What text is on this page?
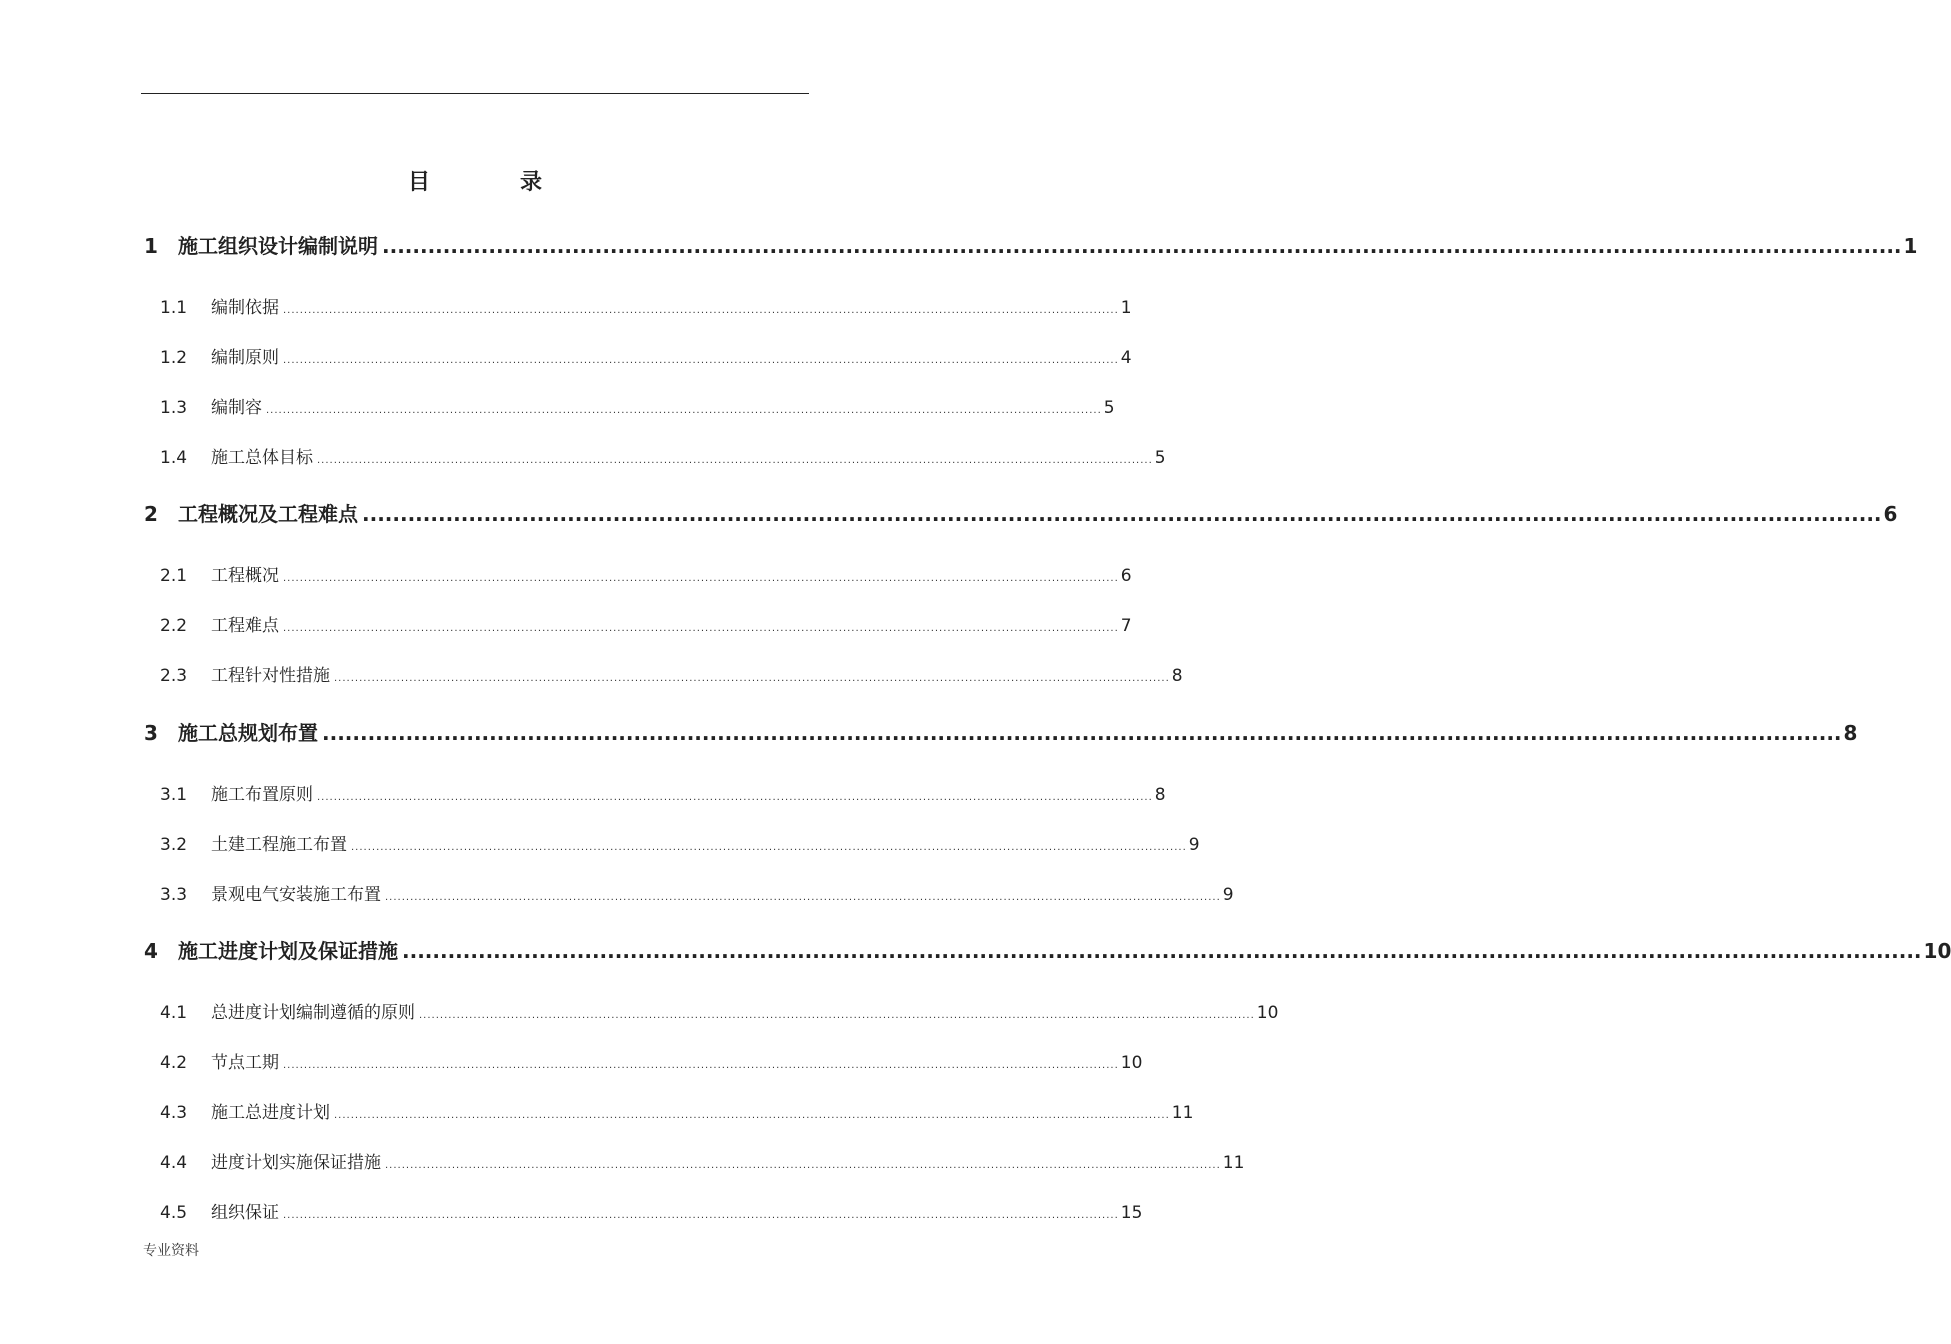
目　录
1	施工组织设计编制说明 ........................................................................................................................................................................................................ 1
1.1	编制依据 ........................................................................................................................................................................................................ 1
1.2	编制原则 ........................................................................................................................................................................................................ 4
1.3	编制容 ........................................................................................................................................................................................................ 5
1.4	施工总体目标 ........................................................................................................................................................................................................ 5
2	工程概况及工程难点 ........................................................................................................................................................................................................ 6
2.1	工程概况 ........................................................................................................................................................................................................ 6
2.2	工程难点 ........................................................................................................................................................................................................ 7
2.3	工程针对性措施 ........................................................................................................................................................................................................ 8
3	施工总规划布置 ........................................................................................................................................................................................................ 8
3.1	施工布置原则 ........................................................................................................................................................................................................ 8
3.2	土建工程施工布置 ........................................................................................................................................................................................................ 9
3.3	景观电气安装施工布置 ........................................................................................................................................................................................................ 9
4	施工进度计划及保证措施 ........................................................................................................................................................................................................ 10
4.1	总进度计划编制遵循的原则 ........................................................................................................................................................................................................ 10
4.2	节点工期 ........................................................................................................................................................................................................ 10
4.3	施工总进度计划 ........................................................................................................................................................................................................ 11
4.4	进度计划实施保证措施 ........................................................................................................................................................................................................ 11
4.5	组织保证 ........................................................................................................................................................................................................ 15
专业资料
